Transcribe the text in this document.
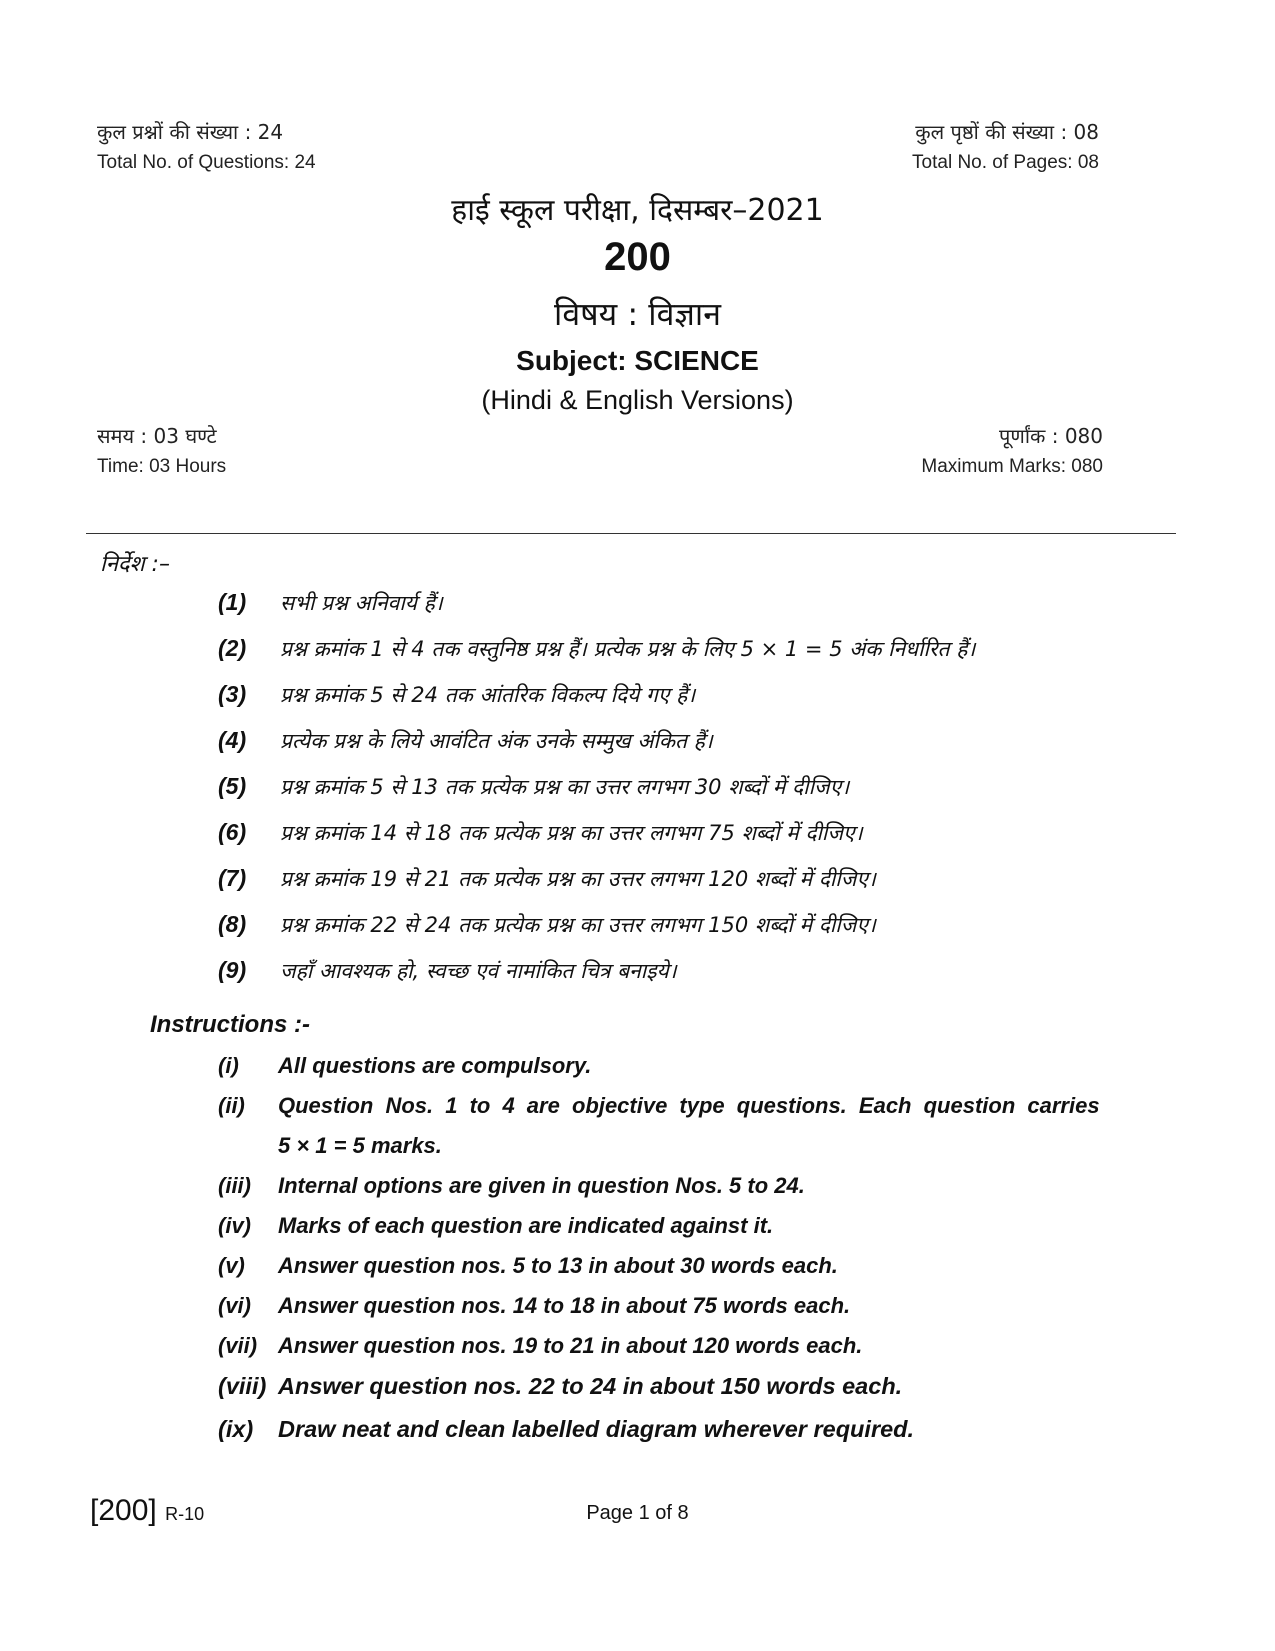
कुल प्रश्नों की संख्या : 24
Total No. of Questions: 24
कुल पृष्ठों की संख्या : 08
Total No. of Pages: 08
हाई स्कूल परीक्षा, दिसम्बर–2021
200
विषय : विज्ञान
Subject: SCIENCE
(Hindi & English Versions)
समय : 03 घण्टे
Time: 03 Hours
पूर्णांक : 080
Maximum Marks: 080
निर्देश :–
(1) सभी प्रश्न अनिवार्य हैं।
(2) प्रश्न क्रमांक 1 से 4 तक वस्तुनिष्ठ प्रश्न हैं। प्रत्येक प्रश्न के लिए 5 × 1 = 5 अंक निर्धारित हैं।
(3) प्रश्न क्रमांक 5 से 24 तक आंतरिक विकल्प दिये गए हैं।
(4) प्रत्येक प्रश्न के लिये आवंटित अंक उनके सम्मुख अंकित हैं।
(5) प्रश्न क्रमांक 5 से 13 तक प्रत्येक प्रश्न का उत्तर लगभग 30 शब्दों में दीजिए।
(6) प्रश्न क्रमांक 14 से 18 तक प्रत्येक प्रश्न का उत्तर लगभग 75 शब्दों में दीजिए।
(7) प्रश्न क्रमांक 19 से 21 तक प्रत्येक प्रश्न का उत्तर लगभग 120 शब्दों में दीजिए।
(8) प्रश्न क्रमांक 22 से 24 तक प्रत्येक प्रश्न का उत्तर लगभग 150 शब्दों में दीजिए।
(9) जहाँ आवश्यक हो, स्वच्छ एवं नामांकित चित्र बनाइये।
Instructions :-
(i) All questions are compulsory.
(ii) Question Nos. 1 to 4 are objective type questions. Each question carries
5 × 1 = 5 marks.
(iii) Internal options are given in question Nos. 5 to 24.
(iv) Marks of each question are indicated against it.
(v) Answer question nos. 5 to 13 in about 30 words each.
(vi) Answer question nos. 14 to 18 in about 75 words each.
(vii) Answer question nos. 19 to 21 in about 120 words each.
(viii) Answer question nos. 22 to 24 in about 150 words each.
(ix) Draw neat and clean labelled diagram wherever required.
[200] R-10	Page 1 of 8
